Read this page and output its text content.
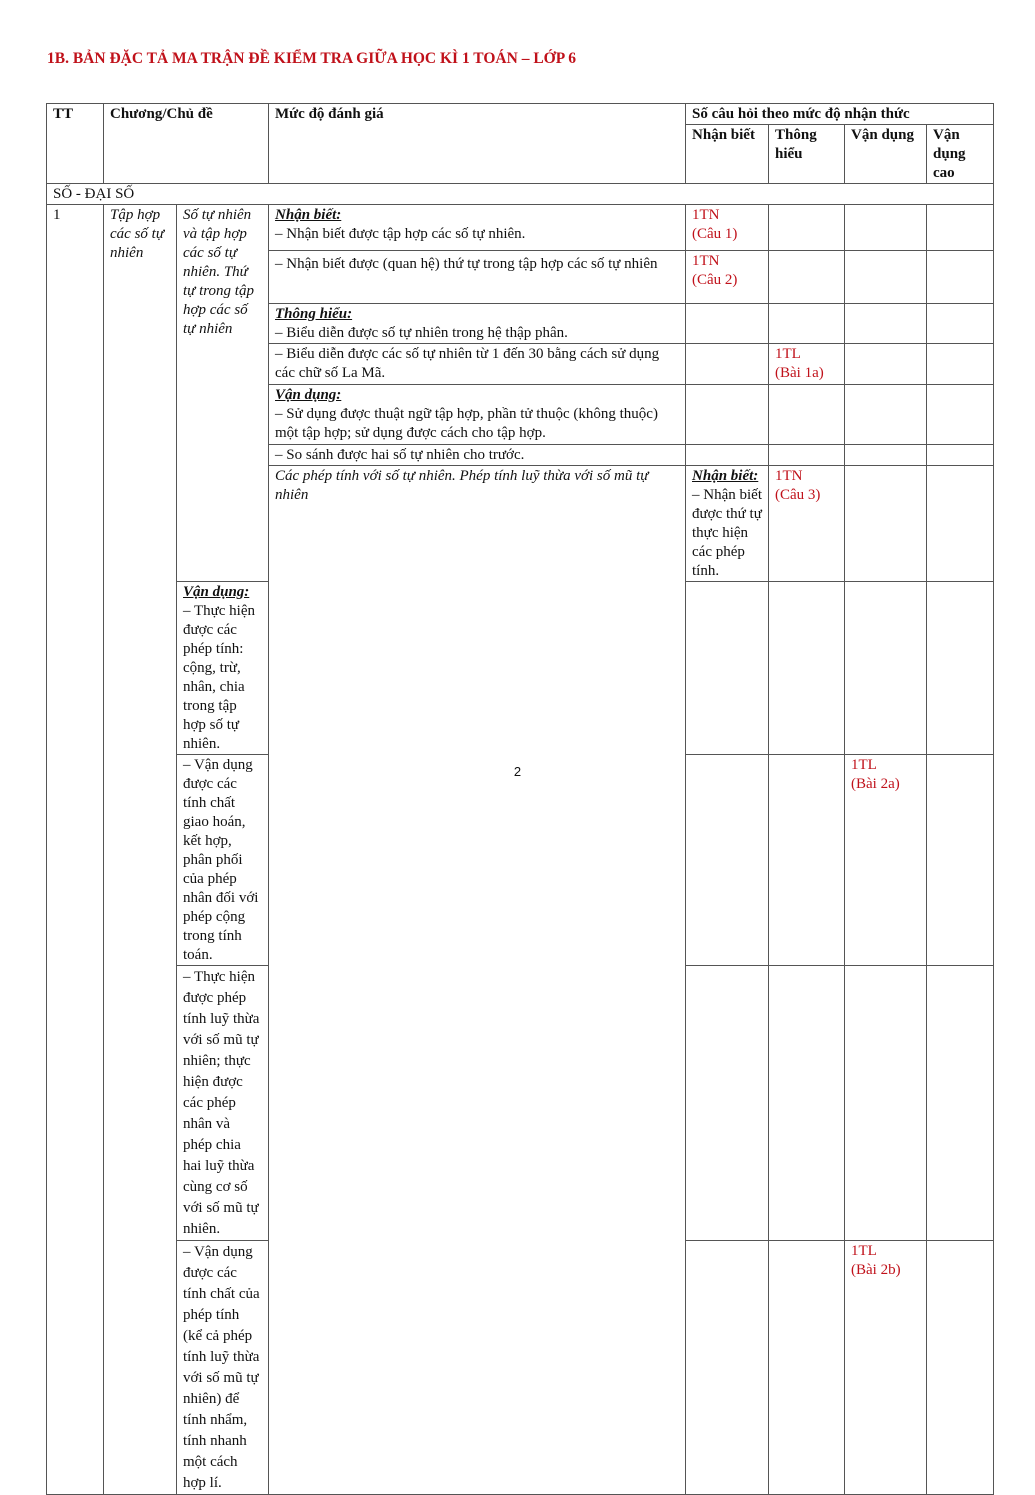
1B. BẢN ĐẶC TẢ MA TRẬN ĐỀ KIỂM TRA GIỮA HỌC KÌ 1 TOÁN – LỚP 6
TT	Chương/Chủ đề		Mức độ đánh giá	Số câu hỏi theo mức độ nhận thức				
				Nhận biết	Thông hiểu	Vận dụng	Vận dụng cao	
SỐ - ĐẠI SỐ								
1	Tập hợp các số tự nhiên	Số tự nhiên và tập hợp các số tự nhiên. Thứ tự trong tập hợp các số tự nhiên	Nhận biết:
– Nhận biết được tập hợp các số tự nhiên.	1TN
(Câu 1)				
			– Nhận biết được (quan hệ) thứ tự trong tập hợp các số tự nhiên	1TN
(Câu 2)				

			Thông hiểu:
– Biểu diễn được số tự nhiên trong hệ thập phân.					
			– Biểu diễn được các số tự nhiên từ 1 đến 30 bằng cách sử dụng các chữ số La Mã.		1TL
(Bài 1a)			

			Vận dụng:
– Sử dụng được thuật ngữ tập hợp, phần tử thuộc (không thuộc) một tập hợp; sử dụng được cách cho tập hợp.					
			– So sánh được hai số tự nhiên cho trước.					
			Các phép tính với số tự nhiên. Phép tính luỹ thừa với số mũ tự nhiên	Nhận biết:
– Nhận biết được thứ tự thực hiện các phép tính.	1TN
(Câu 3)			

		Vận dụng:
– Thực hiện được các phép tính: cộng, trừ, nhân, chia trong tập hợp số tự nhiên.						
		– Vận dụng được các tính chất giao hoán, kết hợp, phân phối của phép nhân đối với phép cộng trong tính toán.				1TL
(Bài 2a)		
		– Thực hiện được phép tính luỹ thừa với số mũ tự nhiên; thực hiện được các phép nhân và phép chia hai luỹ thừa cùng cơ số với số mũ tự nhiên.						
		– Vận dụng được các tính chất của phép tính (kể cả phép tính luỹ thừa với số mũ tự nhiên) để tính nhẩm, tính nhanh một cách hợp lí.				1TL
(Bài 2b)		
2
